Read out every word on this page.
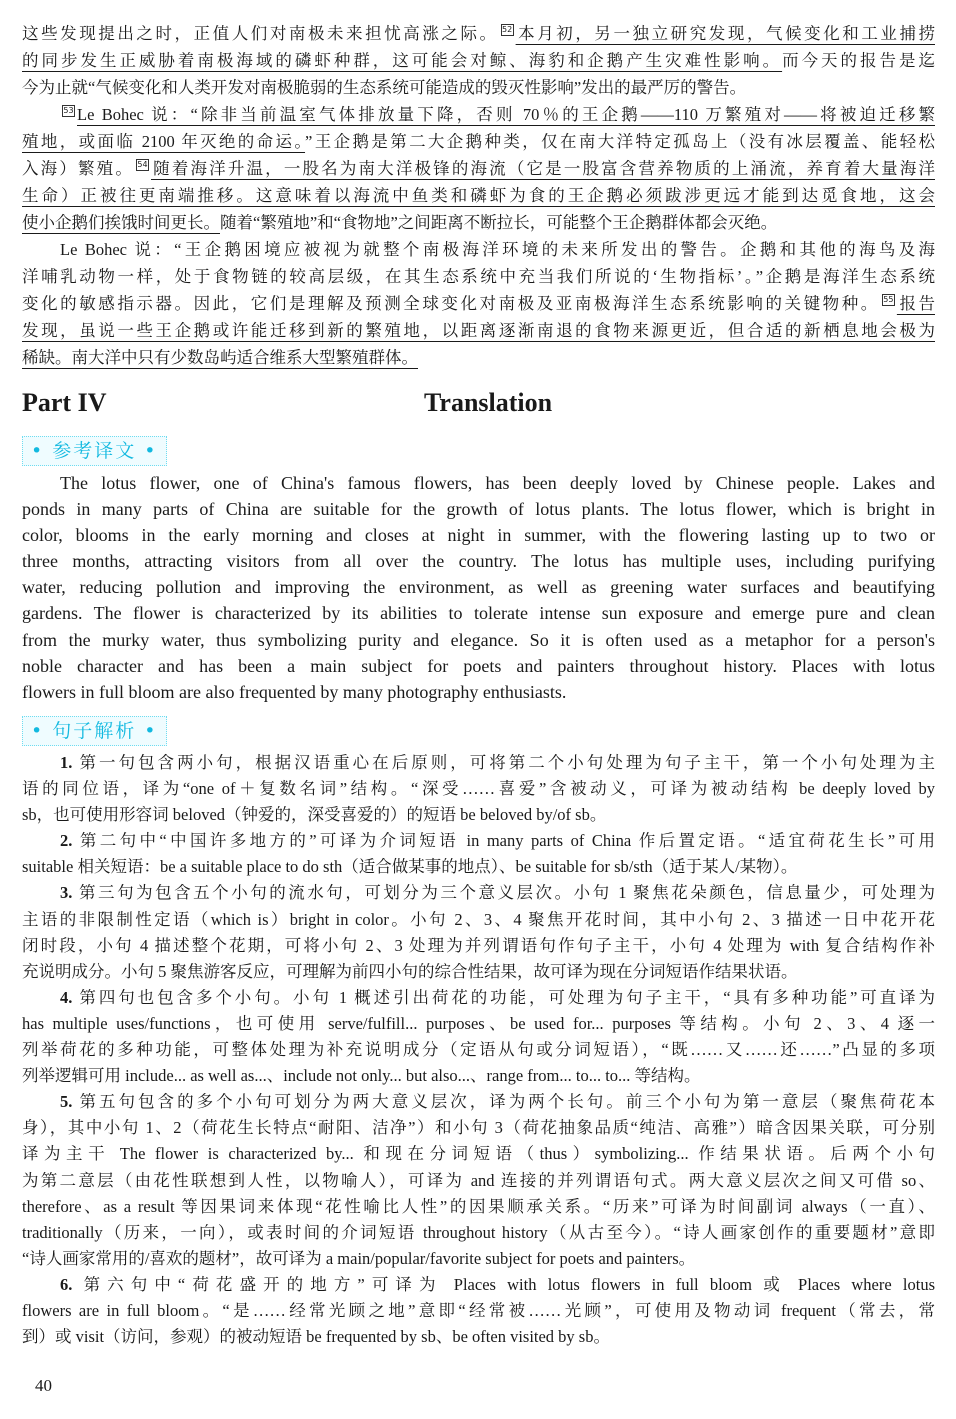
这些发现提出之时，正值人们对南极未来担忧高涨之际。 52 本月初，另一独立研究发现，气候变化和工业捕捞
的同步发生正威胁着南极海域的磷虾种群，这可能会对鲸、海豹和企鹅产生灾难性影响。而今天的报告是迄
今为止就“气候变化和人类开发对南极脆弱的生态系统可能造成的毁灭性影响”发出的最严厉的警告。
53 Le Bohec 说：“除非当前温室气体排放量下降，否则 70％的王企鹅——110 万繁殖对——将被迫迁移繁
殖地，或面临 2100 年灭绝的命运。”王企鹅是第二大企鹅种类，仅在南大洋特定孤岛上（没有冰层覆盖、能轻松
入海）繁殖。 54 随着海洋升温，一股名为南大洋极锋的海流（它是一股富含营养物质的上涌流，养育着大量海洋
生命）正被往更南端推移。这意味着以海流中鱼类和磷虾为食的王企鹅必须跋涉更远才能到达觅食地，这会
使小企鹅们挨饿时间更长。随着“繁殖地”和“食物地”之间距离不断拉长，可能整个王企鹅群体都会灭绝。
Le Bohec 说：“王企鹅困境应被视为就整个南极海洋环境的未来所发出的警告。企鹅和其他的海鸟及海
洋哺乳动物一样，处于食物链的较高层级，在其生态系统中充当我们所说的‘生物指标’。”企鹅是海洋生态系统
变化的敏感指示器。因此，它们是理解及预测全球变化对南极及亚南极海洋生态系统影响的关键物种。 55 报告
发现，虽说一些王企鹅或许能迁移到新的繁殖地，以距离逐渐南退的食物来源更近，但合适的新栖息地会极为
稀缺。南大洋中只有少数岛屿适合维系大型繁殖群体。
Part IV	Translation
• 参考译文 •
The lotus flower, one of China's famous flowers, has been deeply loved by Chinese people. Lakes and
ponds in many parts of China are suitable for the growth of lotus plants. The lotus flower, which is bright in
color, blooms in the early morning and closes at night in summer, with the flowering lasting up to two or
three months, attracting visitors from all over the country. The lotus has multiple uses, including purifying
water, reducing pollution and improving the environment, as well as greening water surfaces and beautifying
gardens. The flower is characterized by its abilities to tolerate intense sun exposure and emerge pure and clean
from the murky water, thus symbolizing purity and elegance. So it is often used as a metaphor for a person's
noble character and has been a main subject for poets and painters throughout history. Places with lotus
flowers in full bloom are also frequented by many photography enthusiasts.
• 句子解析 •
1. 第一句包含两小句，根据汉语重心在后原则，可将第二个小句处理为句子主干，第一个小句处理为主
语的同位语，译为“one of＋复数名词”结构。“深受……喜爱”含被动义，可译为被动结构 be deeply loved by
sb，也可使用形容词 beloved（钟爱的，深受喜爱的）的短语 be beloved by/of sb。
2. 第二句中“中国许多地方的”可译为介词短语 in many parts of China 作后置定语。“适宜荷花生长”可用
suitable 相关短语：be a suitable place to do sth（适合做某事的地点）、be suitable for sb/sth（适于某人/某物）。
3. 第三句为包含五个小句的流水句，可划分为三个意义层次。小句 1 聚焦花朵颜色，信息量少，可处理为
主语的非限制性定语（which is）bright in color。小句 2、3、4 聚焦开花时间，其中小句 2、3 描述一日中花开花
闭时段，小句 4 描述整个花期，可将小句 2、3 处理为并列谓语句作句子主干，小句 4 处理为 with 复合结构作补
充说明成分。小句 5 聚焦游客反应，可理解为前四小句的综合性结果，故可译为现在分词短语作结果状语。
4. 第四句也包含多个小句。小句 1 概述引出荷花的功能，可处理为句子主干，“具有多种功能”可直译为
has multiple uses/functions，也可使用 serve/fulfill... purposes、be used for... purposes 等结构。小句 2、3、4 逐一
列举荷花的多种功能，可整体处理为补充说明成分（定语从句或分词短语），“既……又……还……”凸显的多项
列举逻辑可用 include... as well as...、include not only... but also...、range from... to... to... 等结构。
5. 第五句包含的多个小句可划分为两大意义层次，译为两个长句。前三个小句为第一意层（聚焦荷花本
身），其中小句 1、2（荷花生长特点“耐阳、洁净”）和小句 3（荷花抽象品质“纯洁、高雅”）暗含因果关联，可分别
译为主干 The flower is characterized by... 和现在分词短语（thus）symbolizing... 作结果状语。后两个小句
为第二意层（由花性联想到人性，以物喻人），可译为 and 连接的并列谓语句式。两大意义层次之间又可借 so、
therefore、as a result 等因果词来体现“花性喻比人性”的因果顺承关系。“历来”可译为时间副词 always（一直）、
traditionally（历来，一向），或表时间的介词短语 throughout history（从古至今）。“诗人画家创作的重要题材”意即
“诗人画家常用的/喜欢的题材”，故可译为 a main/popular/favorite subject for poets and painters。
6. 第六句中“荷花盛开的地方”可译为 Places with lotus flowers in full bloom 或 Places where lotus
flowers are in full bloom。“是……经常光顾之地”意即“经常被……光顾”，可使用及物动词 frequent（常去，常
到）或 visit（访问，参观）的被动短语 be frequented by sb、be often visited by sb。
40
